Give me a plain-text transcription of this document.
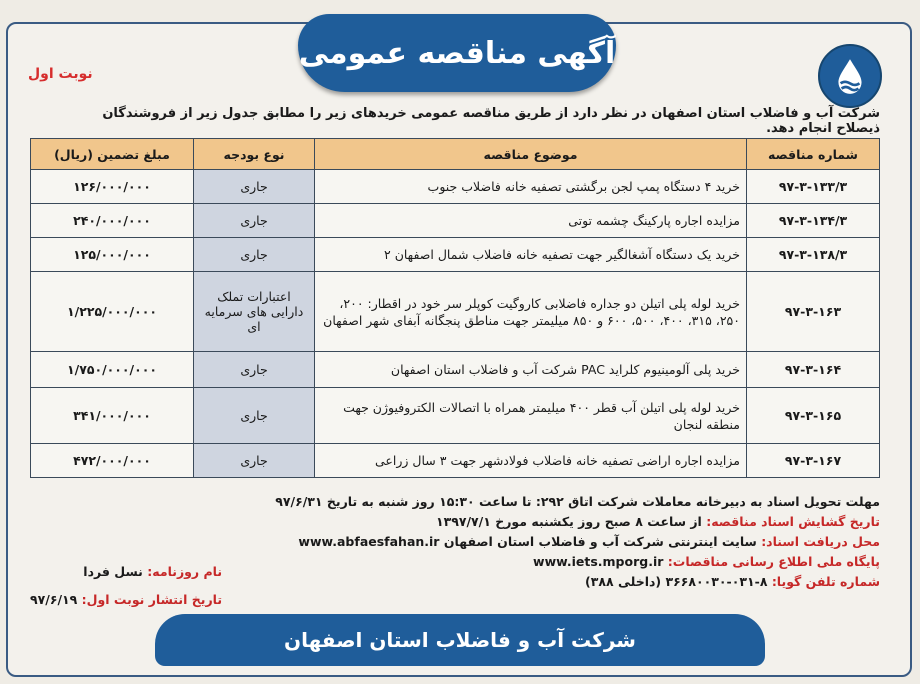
آگهی مناقصه عمومی
نوبت اول
شرکت آب و فاضلاب استان اصفهان در نظر دارد از طریق مناقصه عمومی خریدهای زیر را مطابق جدول زیر از فروشندگان ذیصلاح انجام دهد.
شماره مناقصه	موضوع مناقصه	نوع بودجه	مبلغ تضمین (ریال)
۹۷-۳-۱۳۳/۳	خرید ۴ دستگاه پمپ لجن برگشتی تصفیه خانه فاضلاب جنوب	جاری	۱۲۶/۰۰۰/۰۰۰
۹۷-۳-۱۳۴/۳	مزایده اجاره پارکینگ چشمه توتی	جاری	۲۴۰/۰۰۰/۰۰۰
۹۷-۳-۱۳۸/۳	خرید یک دستگاه آشغالگیر جهت تصفیه خانه فاضلاب شمال اصفهان ۲	جاری	۱۲۵/۰۰۰/۰۰۰
۹۷-۳-۱۶۳	خرید لوله پلی اتیلن دو جداره فاضلابی کاروگیت کوپلر سر خود در اقطار: ۲۰۰، ۲۵۰، ۳۱۵، ۴۰۰، ۵۰۰، ۶۰۰ و ۸۵۰ میلیمتر جهت مناطق پنجگانه آبفای شهر اصفهان	اعتبارات تملک دارایی های سرمایه ای	۱/۲۲۵/۰۰۰/۰۰۰
۹۷-۳-۱۶۴	خرید پلی آلومینیوم کلراید PAC شرکت آب و فاضلاب استان اصفهان	جاری	۱/۷۵۰/۰۰۰/۰۰۰
۹۷-۳-۱۶۵	خرید لوله پلی اتیلن آب قطر ۴۰۰ میلیمتر همراه با اتصالات الکتروفیوژن جهت منطقه لنجان	جاری	۳۴۱/۰۰۰/۰۰۰
۹۷-۳-۱۶۷	مزایده اجاره اراضی تصفیه خانه فاضلاب فولادشهر جهت ۳ سال زراعی	جاری	۴۷۲/۰۰۰/۰۰۰
مهلت تحویل اسناد به دبیرخانه معاملات شرکت اتاق ۲۹۲: تا ساعت ۱۵:۳۰ روز شنبه به تاریخ ۹۷/۶/۳۱
تاریخ گشایش اسناد مناقصه: از ساعت ۸ صبح روز یکشنبه مورخ ۱۳۹۷/۷/۱
محل دریافت اسناد: سایت اینترنتی شرکت آب و فاضلاب استان اصفهان www.abfaesfahan.ir
پایگاه ملی اطلاع رسانی مناقصات: www.iets.mporg.ir
شماره تلفن گویا: ۸-۰۳۱-۳۶۶۸۰۰۳۰ (داخلی ۳۸۸)
نام روزنامه: نسل فردا
تاریخ انتشار نوبت اول: ۹۷/۶/۱۹
شرکت آب و فاضلاب استان اصفهان
